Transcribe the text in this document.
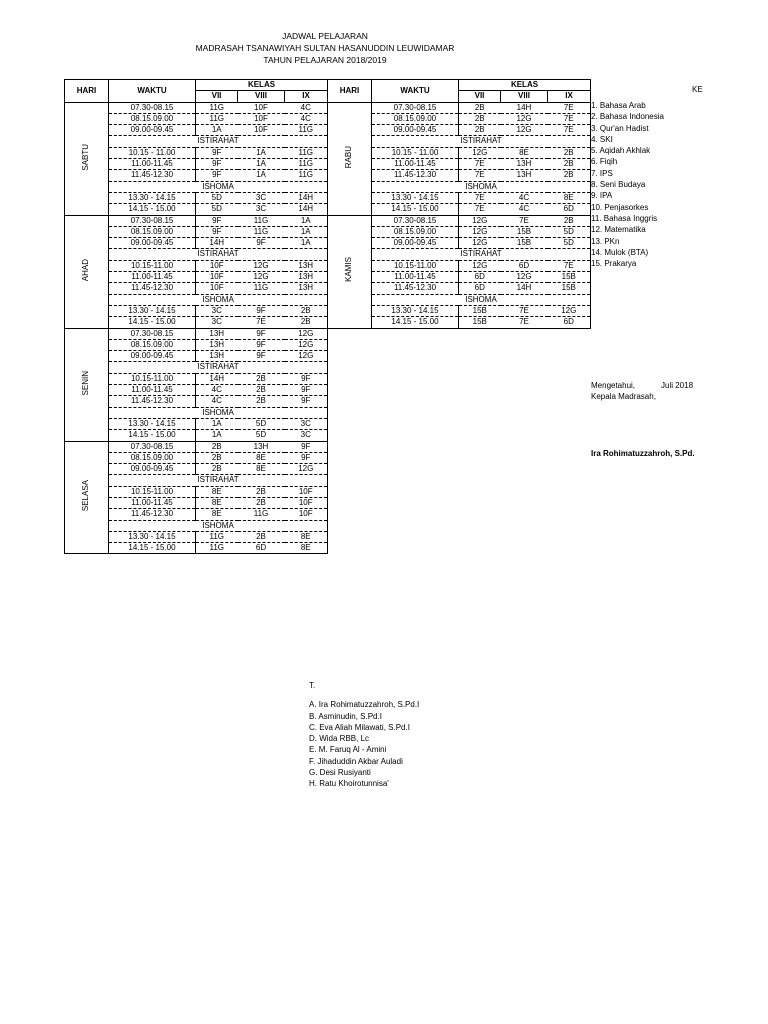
JADWAL PELAJARAN
MADRASAH TSANAWIYAH SULTAN HASANUDDIN LEUWIDAMAR
TAHUN PELAJARAN 2018/2019
HARI	WAKTU	KELAS		
		VII	VIII	IX
SABTU	07.30-08.15	11G	10F	4C
	08.15.09.00	11G	10F	4C
	09.00-09.45	1A	10F	11G
	ISTIRAHAT			
	10.15 - 11.00	9F	1A	11G
	11.00-11.45	9F	1A	11G
	11.45-12.30	9F	1A	11G
	ISHOMA			
	13.30 - 14.15	5D	3C	14H
	14.15 - 15.00	5D	3C	14H
AHAD	07.30-08.15	9F	11G	1A
	08.15.09.00	9F	11G	1A
	09.00-09.45	14H	9F	1A
	ISTIRAHAT			
	10.15-11.00	10F	12G	13H
	11.00-11.45	10F	12G	13H
	11.45-12.30	10F	11G	13H
	ISHOMA			
	13.30 - 14.15	3C	9F	2B
	14.15 - 15.00	3C	7E	2B
SENIN	07.30-08.15	13H	9F	12G
	08.15.09.00	13H	9F	12G
	09.00-09.45	13H	9F	12G
	ISTIRAHAT			
	10.15-11.00	14H	2B	9F
	11.00-11.45	4C	2B	9F
	11.45-12.30	4C	2B	9F
	ISHOMA			
	13.30 - 14.15	1A	5D	3C
	14.15 - 15.00	1A	5D	3C
SELASA	07.30-08.15	2B	13H	9F
	08.15.09.00	2B	8E	9F
	09.00-09.45	2B	8E	12G
	ISTIRAHAT			
	10.15-11.00	8E	2B	10F
	11.00-11.45	8E	2B	10F
	11.45-12.30	8E	11G	10F
	ISHOMA			
	13.30 - 14.15	11G	2B	8E
	14.15 - 15.00	11G	6D	8E
HARI	WAKTU	KELAS		
		VII	VIII	IX
RABU	07.30-08.15	2B	14H	7E
	08.15.09.00	2B	12G	7E
	09.00-09.45	2B	12G	7E
	ISTIRAHAT			
	10.15 - 11.00	12G	8E	2B
	11.00-11.45	7E	13H	2B
	11.45-12.30	7E	13H	2B
	ISHOMA			
	13.30 - 14.15	7E	4C	8E
	14.15 - 15.00	7E	4C	6D
KAMIS	07.30-08.15	12G	7E	2B
	08.15.09.00	12G	15B	5D
	09.00-09.45	12G	15B	5D
	ISTIRAHAT			
	10.15-11.00	12G	6D	7E
	11.00-11.45	6D	12G	15B
	11.45-12.30	6D	14H	15B
	ISHOMA			
	13.30 - 14.15	15B	7E	12G
	14.15 - 15.00	15B	7E	6D
KE
1. Bahasa Arab
2. Bahasa Indonesia
3. Qur'an Hadist
4. SKI
5. Aqidah Akhlak
6. Fiqih
7. IPS
8. Seni Budaya
9. IPA
10. Penjasorkes
11. Bahasa Inggris
12. Matematika
13. PKn
14. Mulok (BTA)
15. Prakarya
Mengetahui,	Juli 2018
Kepala Madrasah,
Ira Rohimatuzzahroh, S.Pd.
T.
A. Ira Rohimatuzzahroh, S.Pd.I
B. Asminudin, S.Pd.I
C. Eva Aliah Milawati, S.Pd.I
D. Wida RBB, Lc
E. M. Faruq Al - Amini
F. Jihaduddin Akbar Auladi
G. Desi Rusiyanti
H. Ratu Khoirotunnisa'
